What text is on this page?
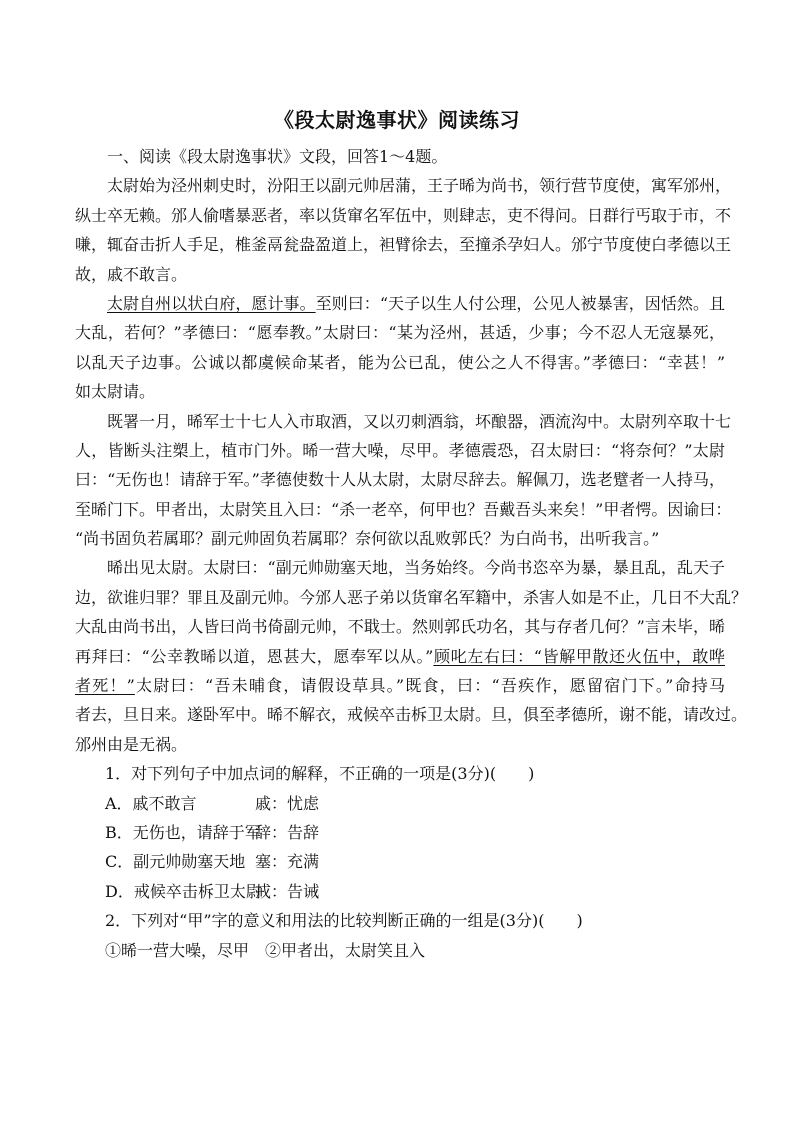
《段太尉逸事状》阅读练习
一、阅读《段太尉逸事状》文段，回答1～4题。
太尉始为泾州刺史时，汾阳王以副元帅居蒲，王子晞为尚书，领行营节度使，寓军邠州，
纵士卒无赖。邠人偷嗜暴恶者，率以货窜名军伍中，则肆志，吏不得问。日群行丐取于市，不
嗛，辄奋击折人手足，椎釜鬲瓮盎盈道上，袒臂徐去，至撞杀孕妇人。邠宁节度使白孝德以王
故，戚不敢言。
太尉自州以状白府，愿计事。至则曰：“天子以生人付公理，公见人被暴害，因恬然。且
大乱，若何？”孝德曰：“愿奉教。”太尉曰：“某为泾州，甚适，少事；今不忍人无寇暴死，
以乱天子边事。公诚以都虞候命某者，能为公已乱，使公之人不得害。”孝德曰：“幸甚！”
如太尉请。
既署一月，晞军士十七人入市取酒，又以刃刺酒翁，坏酿器，酒流沟中。太尉列卒取十七
人，皆断头注槊上，植市门外。晞一营大噪，尽甲。孝德震恐，召太尉曰：“将奈何？”太尉
曰：“无伤也！请辞于军。”孝德使数十人从太尉，太尉尽辞去。解佩刀，选老躄者一人持马，
至晞门下。甲者出，太尉笑且入曰：“杀一老卒，何甲也？吾戴吾头来矣！”甲者愕。因谕曰：
“尚书固负若属耶？副元帅固负若属耶？奈何欲以乱败郭氏？为白尚书，出听我言。”
晞出见太尉。太尉曰：“副元帅勋塞天地，当务始终。今尚书恣卒为暴，暴且乱，乱天子
边，欲谁归罪？罪且及副元帅。今邠人恶子弟以货窜名军籍中，杀害人如是不止，几日不大乱？
大乱由尚书出，人皆曰尚书倚副元帅，不戢士。然则郭氏功名，其与存者几何？”言未毕，晞
再拜曰：“公幸教晞以道，恩甚大，愿奉军以从。”顾叱左右曰：“皆解甲散还火伍中，敢哗
者死！”太尉曰：“吾未晡食，请假设草具。”既食，曰：“吾疾作，愿留宿门下。”命持马
者去，旦日来。遂卧军中。晞不解衣，戒候卒击柝卫太尉。旦，俱至孝德所，谢不能，请改过。
邠州由是无祸。
1．对下列句子中加点词的解释，不正确的一项是(3分)(　　)
A．戚不敢言	戚：忧虑
B．无伤也，请辞于军辞：告辞
C．副元帅勋塞天地 塞：充满
D．戒候卒击柝卫太尉戒：告诫
2．下列对“甲”字的意义和用法的比较判断正确的一组是(3分)(　　)
①晞一营大噪，尽甲　②甲者出，太尉笑且入
